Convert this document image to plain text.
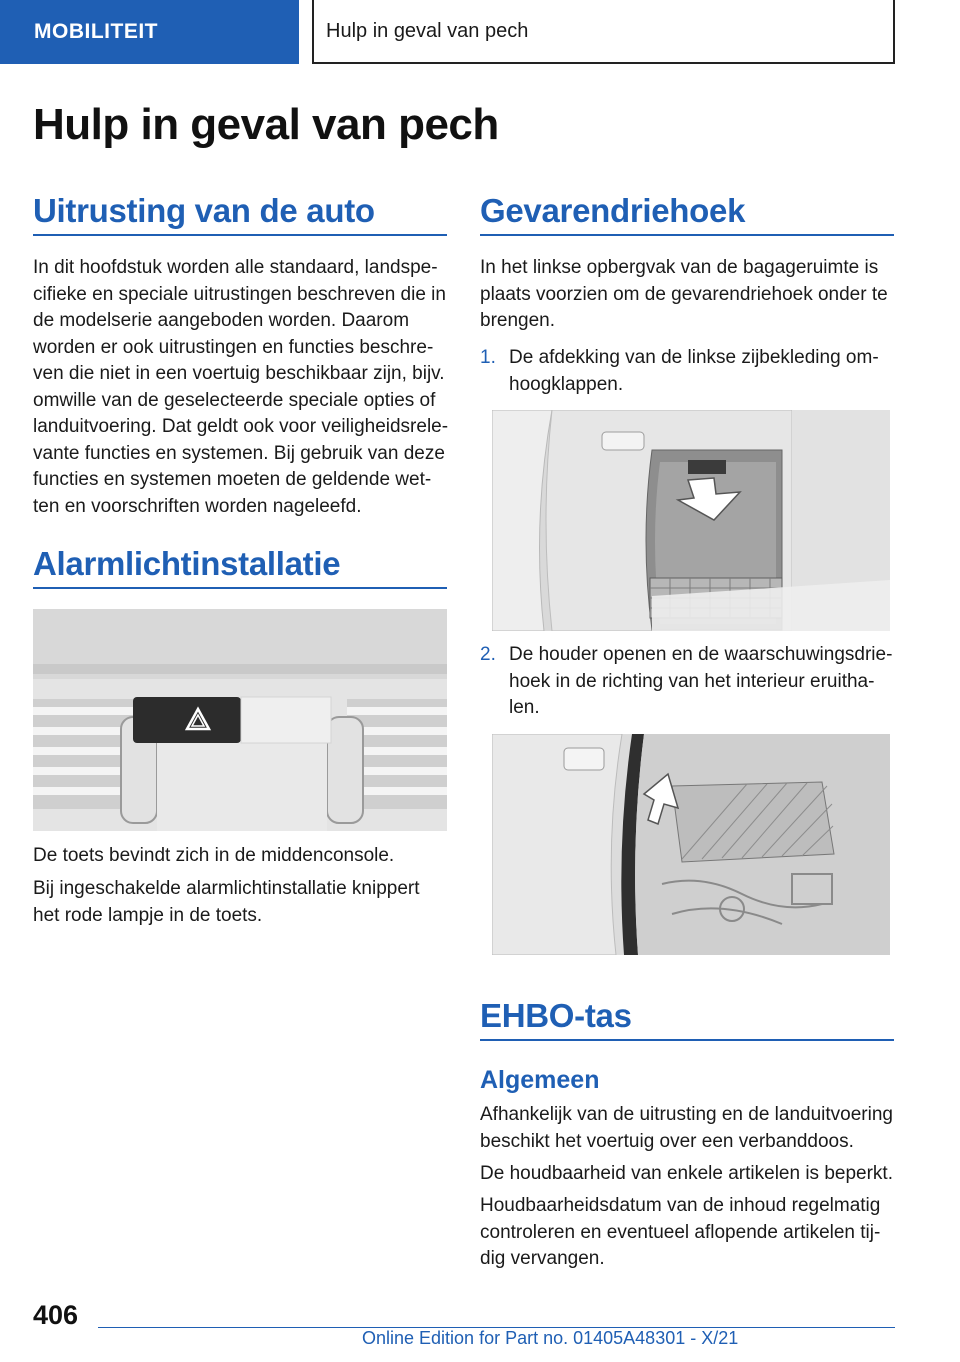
MOBILITEIT	Hulp in geval van pech
Hulp in geval van pech
Uitrusting van de auto
In dit hoofdstuk worden alle standaard, landspe‐
cifieke en speciale uitrustingen beschreven die in
de modelserie aangeboden worden. Daarom
worden er ook uitrustingen en functies beschre‐
ven die niet in een voertuig beschikbaar zijn, bijv.
omwille van de geselecteerde speciale opties of
landuitvoering. Dat geldt ook voor veiligheidsrele‐
vante functies en systemen. Bij gebruik van deze
functies en systemen moeten de geldende wet‐
ten en voorschriften worden nageleefd.
Alarmlichtinstallatie
De toets bevindt zich in de middenconsole.
Bij ingeschakelde alarmlichtinstallatie knippert
het rode lampje in de toets.
Gevarendriehoek
In het linkse opbergvak van de bagageruimte is
plaats voorzien om de gevarendriehoek onder te
brengen.
1. De afdekking van de linkse zijbekleding om‐
hoogklappen.
2. De houder openen en de waarschuwingsdrie‐
hoek in de richting van het interieur eruitha‐
len.
EHBO-tas
Algemeen
Afhankelijk van de uitrusting en de landuitvoering
beschikt het voertuig over een verbanddoos.
De houdbaarheid van enkele artikelen is beperkt.
Houdbaarheidsdatum van de inhoud regelmatig
controleren en eventueel aflopende artikelen tij‐
dig vervangen.
406
Online Edition for Part no. 01405A48301 - X/21
